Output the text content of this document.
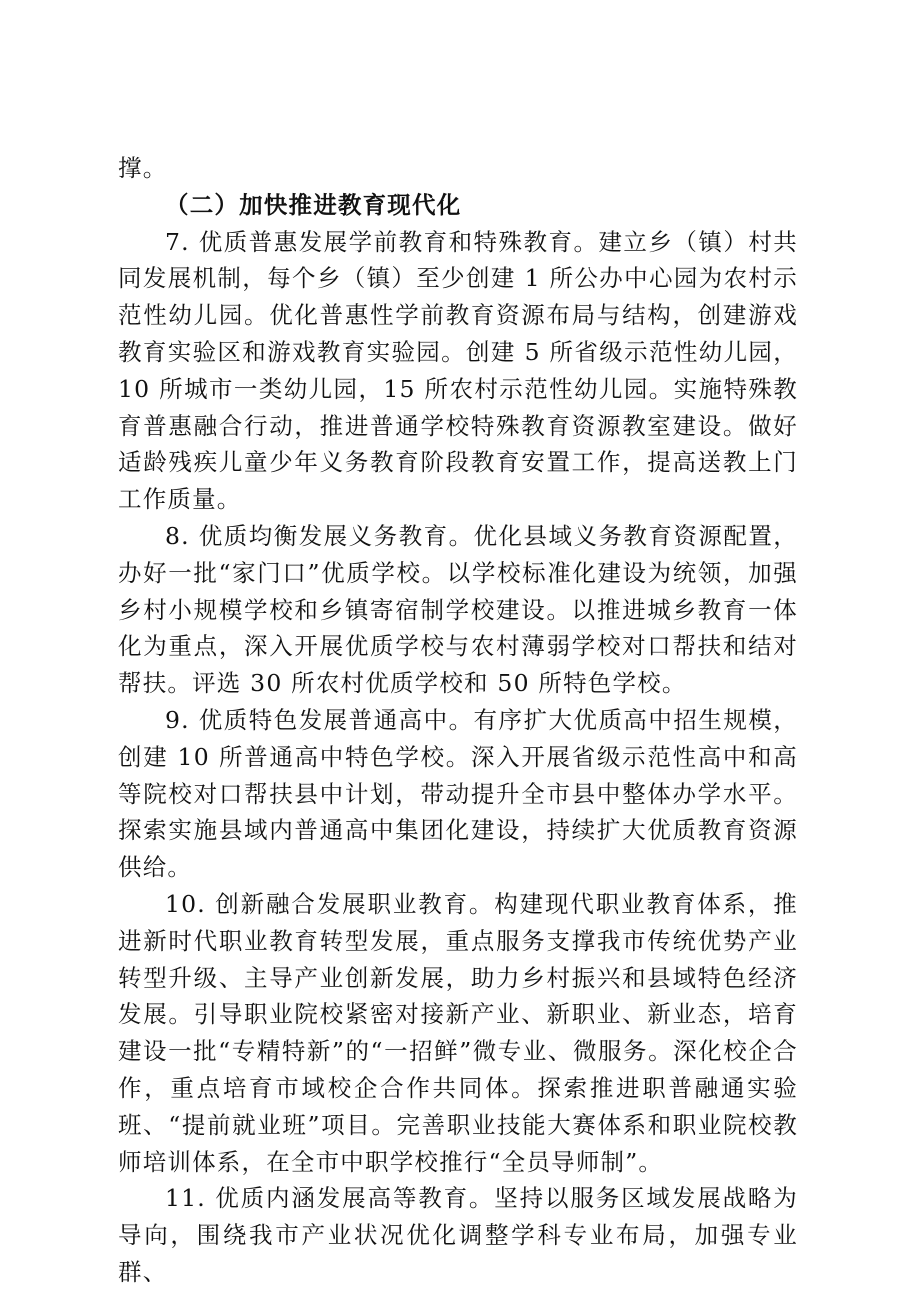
撑。

（二）加快推进教育现代化

7. 优质普惠发展学前教育和特殊教育。建立乡（镇）村共同发展机制，每个乡（镇）至少创建 1 所公办中心园为农村示范性幼儿园。优化普惠性学前教育资源布局与结构，创建游戏教育实验区和游戏教育实验园。创建 5 所省级示范性幼儿园，10 所城市一类幼儿园，15 所农村示范性幼儿园。实施特殊教育普惠融合行动，推进普通学校特殊教育资源教室建设。做好适龄残疾儿童少年义务教育阶段教育安置工作，提高送教上门工作质量。

8. 优质均衡发展义务教育。优化县域义务教育资源配置，办好一批“家门口”优质学校。以学校标准化建设为统领，加强乡村小规模学校和乡镇寄宿制学校建设。以推进城乡教育一体化为重点，深入开展优质学校与农村薄弱学校对口帮扶和结对帮扶。评选 30 所农村优质学校和 50 所特色学校。

9. 优质特色发展普通高中。有序扩大优质高中招生规模，创建 10 所普通高中特色学校。深入开展省级示范性高中和高等院校对口帮扶县中计划，带动提升全市县中整体办学水平。探索实施县域内普通高中集团化建设，持续扩大优质教育资源供给。

10. 创新融合发展职业教育。构建现代职业教育体系，推进新时代职业教育转型发展，重点服务支撑我市传统优势产业转型升级、主导产业创新发展，助力乡村振兴和县域特色经济发展。引导职业院校紧密对接新产业、新职业、新业态，培育建设一批“专精特新”的“一招鲜”微专业、微服务。深化校企合作，重点培育市域校企合作共同体。探索推进职普融通实验班、“提前就业班”项目。完善职业技能大赛体系和职业院校教师培训体系，在全市中职学校推行“全员导师制”。

11. 优质内涵发展高等教育。坚持以服务区域发展战略为导向，围绕我市产业状况优化调整学科专业布局，加强专业群、
